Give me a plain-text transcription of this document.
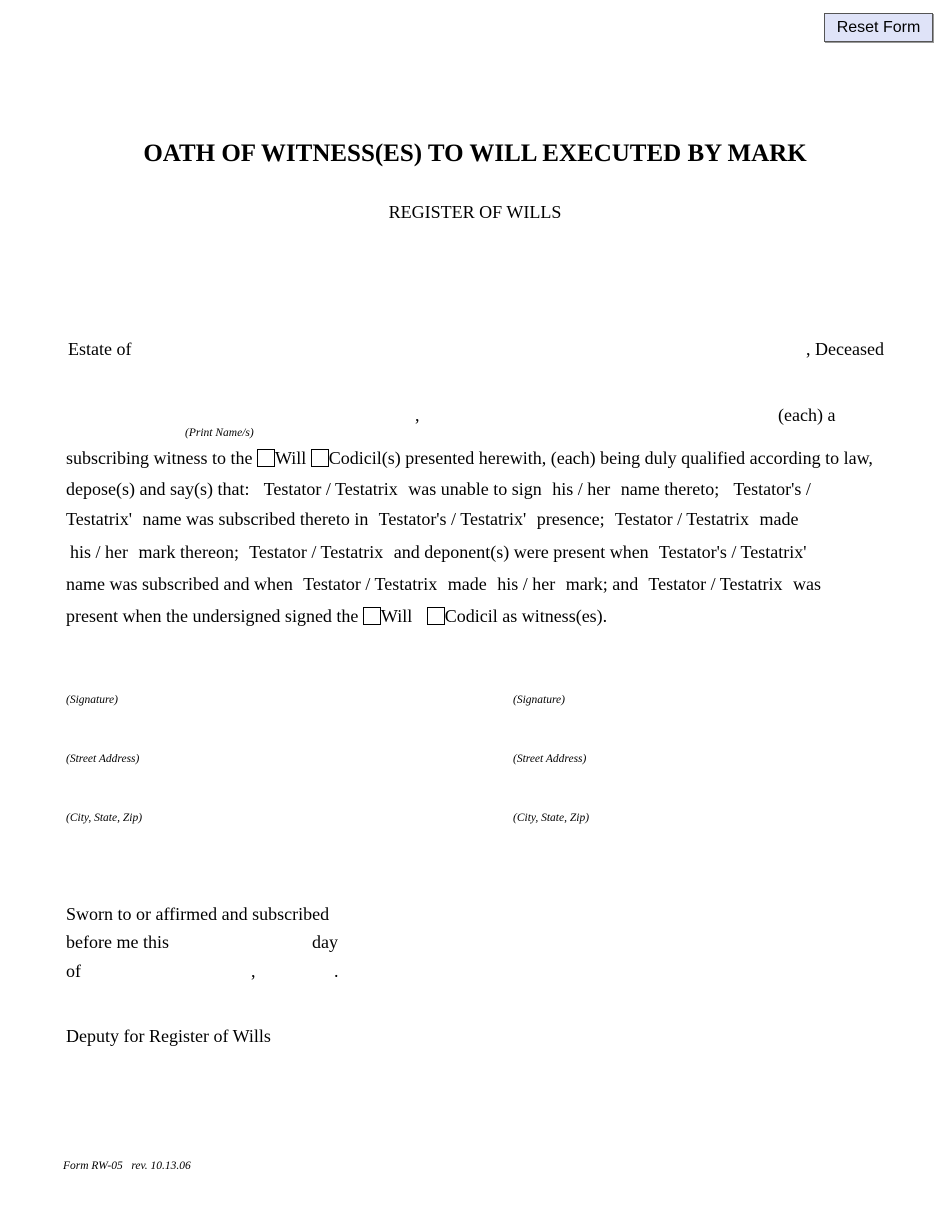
Reset Form
OATH OF WITNESS(ES) TO WILL EXECUTED BY MARK
REGISTER OF WILLS
Estate of	, Deceased
,	(each) a
(Print Name/s)
subscribing witness to the Will Codicil(s) presented herewith, (each) being duly qualified according to law,
depose(s) and say(s) that: Testator / Testatrix was unable to sign his / her name thereto; Testator's /
Testatrix' name was subscribed thereto in Testator's / Testatrix' presence; Testator / Testatrix made
his / her mark thereon; Testator / Testatrix and deponent(s) were present when Testator's / Testatrix'
name was subscribed and when Testator / Testatrix made his / her mark; and Testator / Testatrix was
present when the undersigned signed the Will Codicil as witness(es).
(Signature)
(Street Address)
(City, State, Zip)
(Signature)
(Street Address)
(City, State, Zip)
Sworn to or affirmed and subscribed
before me this	day
of	,	.
Deputy for Register of Wills
Form RW-05   rev. 10.13.06
